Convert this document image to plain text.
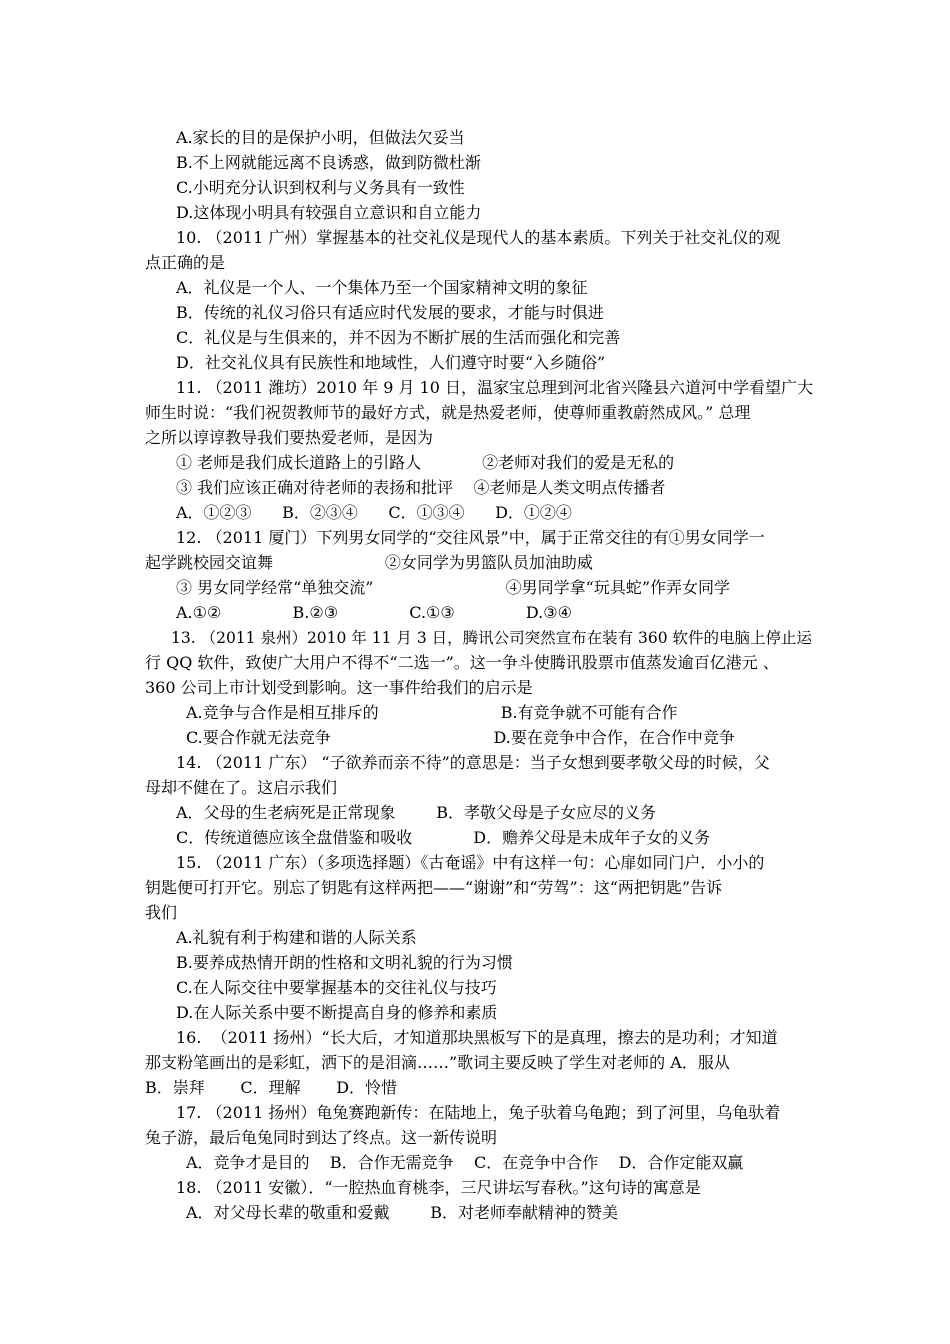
A.家长的目的是保护小明，但做法欠妥当
B.不上网就能远离不良诱惑，做到防微杜渐
C.小明充分认识到权利与义务具有一致性
D.这体现小明具有较强自立意识和自立能力
10. （2011 广州）掌握基本的社交礼仪是现代人的基本素质。下列关于社交礼仪的观
点正确的是
A．礼仪是一个人、一个集体乃至一个国家精神文明的象征
B．传统的礼仪习俗只有适应时代发展的要求，才能与时俱进
C．礼仪是与生俱来的，并不因为不断扩展的生活而强化和完善
D．社交礼仪具有民族性和地域性，人们遵守时要“入乡随俗”
11. （2011 潍坊）2010 年 9 月 10 日，温家宝总理到河北省兴隆县六道河中学看望广大
师生时说：“我们祝贺教师节的最好方式，就是热爱老师，使尊师重教蔚然成风。” 总理
之所以谆谆教导我们要热爱老师，是因为
① 老师是我们成长道路上的引路人            ②老师对我们的爱是无私的
③ 我们应该正确对待老师的表扬和批评    ④老师是人类文明点传播者
A．①②③      B．②③④      C．①③④      D．①②④
12. （2011 厦门）下列男女同学的“交往风景”中，属于正常交往的有①男女同学一
起学跳校园交谊舞                      ②女同学为男篮队员加油助威
③ 男女同学经常“单独交流”                          ④男同学拿“玩具蛇”作弄女同学
A.①②              B.②③              C.①③              D.③④
13. （2011 泉州）2010 年 11 月 3 日，腾讯公司突然宣布在装有 360 软件的电脑上停止运
行 QQ 软件，致使广大用户不得不“二选一”。这一争斗使腾讯股票市值蒸发逾百亿港元 、
360 公司上市计划受到影响。这一事件给我们的启示是
A.竞争与合作是相互排斥的                        B.有竞争就不可能有合作
C.要合作就无法竞争                                D.要在竞争中合作，在合作中竞争
14. （2011 广东） “子欲养而亲不待”的意思是：当子女想到要孝敬父母的时候，父
母却不健在了。这启示我们
A．父母的生老病死是正常现象        B．孝敬父母是子女应尽的义务
C．传统道德应该全盘借鉴和吸收            D．赡养父母是未成年子女的义务
15. （2011 广东）（多项选择题）《古奄谣》中有这样一句：心扉如同门户．小小的
钥匙便可打开它。别忘了钥匙有这样两把——“谢谢”和“劳驾”：这“两把钥匙”告诉
我们
A.礼貌有利于构建和谐的人际关系
B.要养成热情开朗的性格和文明礼貌的行为习惯
C.在人际交往中要掌握基本的交往礼仪与技巧
D.在人际关系中要不断提高自身的修养和素质
16.  （2011 扬州）“长大后，才知道那块黑板写下的是真理，擦去的是功利；才知道
那支粉笔画出的是彩虹，洒下的是泪滴……”歌词主要反映了学生对老师的 A．服从
B．崇拜       C．理解       D．怜惜
17. （2011 扬州）龟兔赛跑新传：在陆地上，兔子驮着乌龟跑；到了河里，乌龟驮着
兔子游，最后龟兔同时到达了终点。这一新传说明
A．竞争才是目的    B．合作无需竞争    C．在竞争中合作    D．合作定能双赢
18. （2011 安徽）．“一腔热血育桃李，三尺讲坛写春秋。”这句诗的寓意是
A．对父母长辈的敬重和爱戴        B．对老师奉献精神的赞美
